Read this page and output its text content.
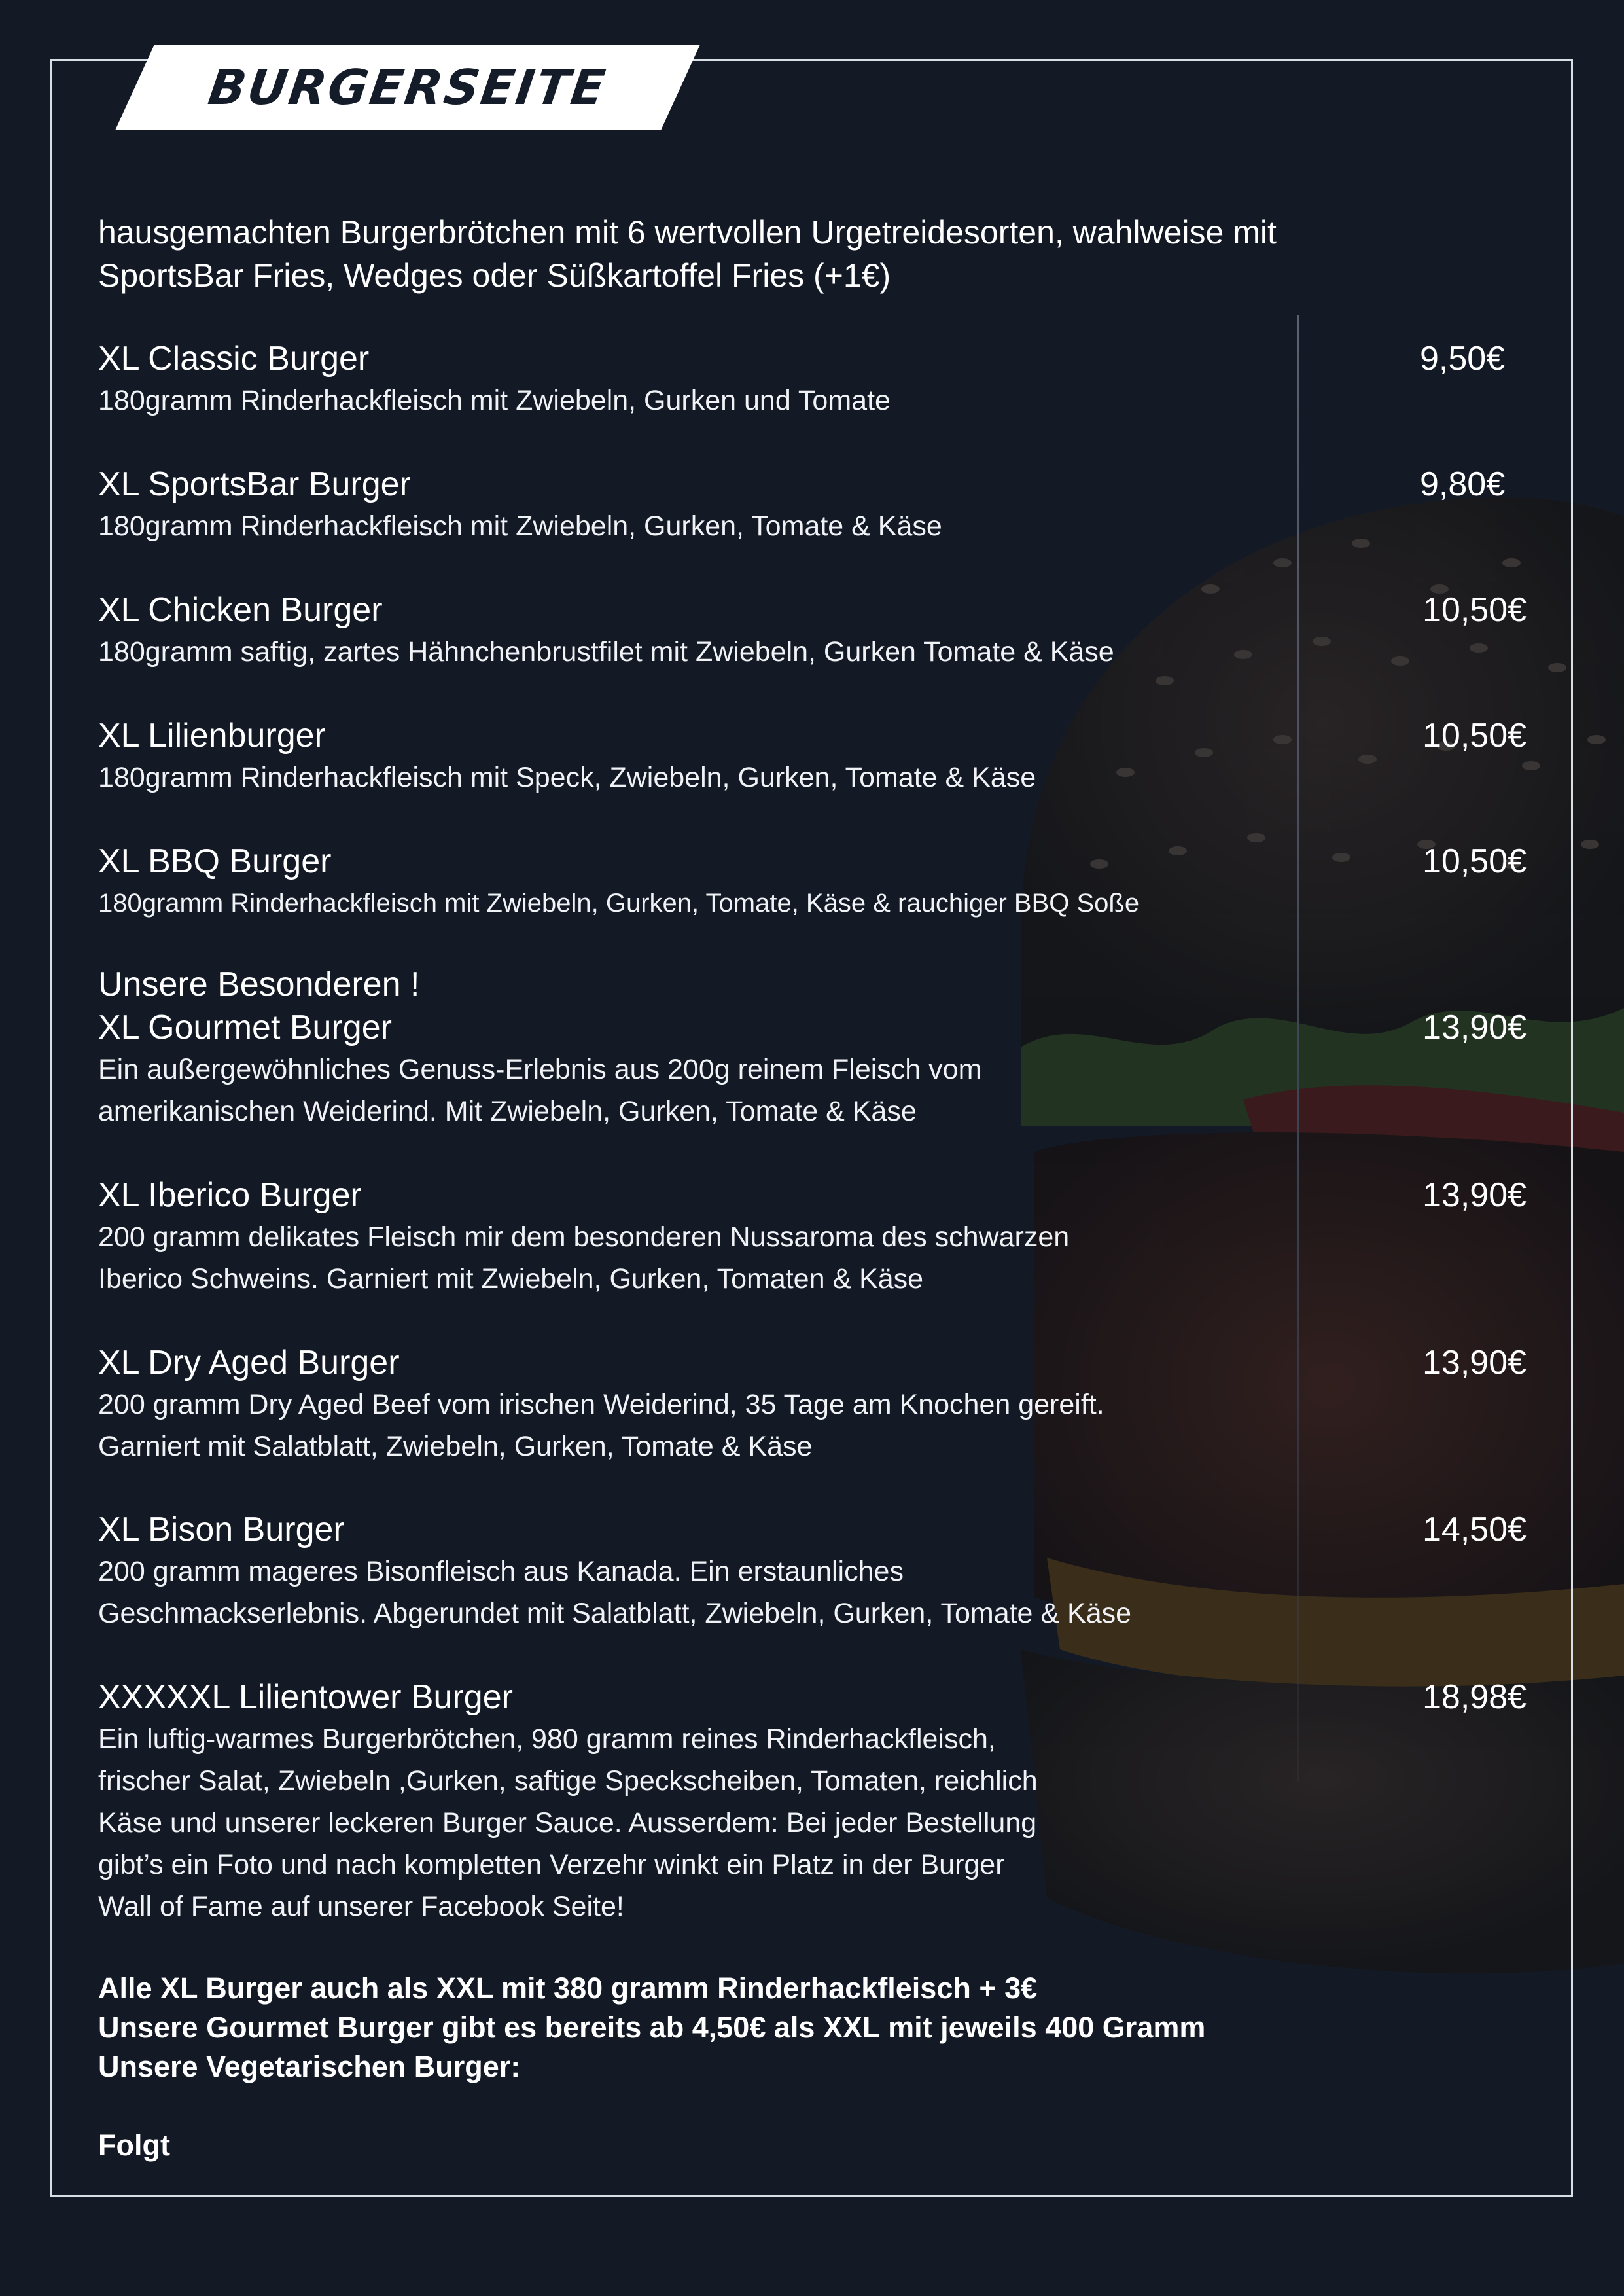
BURGERSEITE
hausgemachten Burgerbrötchen mit 6 wertvollen Urgetreidesorten, wahlweise mit
SportsBar Fries, Wedges oder Süßkartoffel Fries (+1€)
XL Classic Burger
180gramm Rinderhackfleisch mit Zwiebeln, Gurken und Tomate
9,50€
XL SportsBar Burger
180gramm Rinderhackfleisch mit Zwiebeln, Gurken, Tomate & Käse
9,80€
XL Chicken Burger
180gramm saftig, zartes Hähnchenbrustfilet mit Zwiebeln, Gurken Tomate & Käse
10,50€
XL Lilienburger
180gramm Rinderhackfleisch mit Speck, Zwiebeln, Gurken, Tomate & Käse
10,50€
XL BBQ Burger
180gramm Rinderhackfleisch mit Zwiebeln, Gurken, Tomate, Käse & rauchiger BBQ Soße
10,50€
Unsere Besonderen !
XL Gourmet Burger
Ein außergewöhnliches Genuss-Erlebnis aus 200g reinem Fleisch vom
amerikanischen Weiderind. Mit Zwiebeln, Gurken, Tomate & Käse
13,90€
XL Iberico Burger
200 gramm delikates Fleisch mir dem besonderen Nussaroma des schwarzen
Iberico Schweins. Garniert mit Zwiebeln, Gurken, Tomaten & Käse
13,90€
XL Dry Aged Burger
200 gramm Dry Aged Beef vom irischen Weiderind, 35 Tage am Knochen gereift.
Garniert mit Salatblatt, Zwiebeln, Gurken, Tomate & Käse
13,90€
XL Bison Burger
200 gramm mageres Bisonfleisch aus Kanada. Ein erstaunliches
Geschmackserlebnis. Abgerundet mit Salatblatt, Zwiebeln, Gurken, Tomate & Käse
14,50€
XXXXXL Lilientower Burger
Ein luftig-warmes Burgerbrötchen, 980 gramm reines Rinderhackfleisch,
frischer Salat, Zwiebeln ,Gurken, saftige Speckscheiben, Tomaten, reichlich
Käse und unserer leckeren Burger Sauce. Ausserdem: Bei jeder Bestellung
gibt’s ein Foto und nach kompletten Verzehr winkt ein Platz in der Burger
Wall of Fame auf unserer Facebook Seite!
18,98€
Alle XL Burger auch als XXL mit 380 gramm Rinderhackfleisch + 3€
Unsere Gourmet Burger gibt es bereits ab 4,50€ als XXL mit jeweils 400 Gramm
Unsere Vegetarischen Burger:
Folgt
